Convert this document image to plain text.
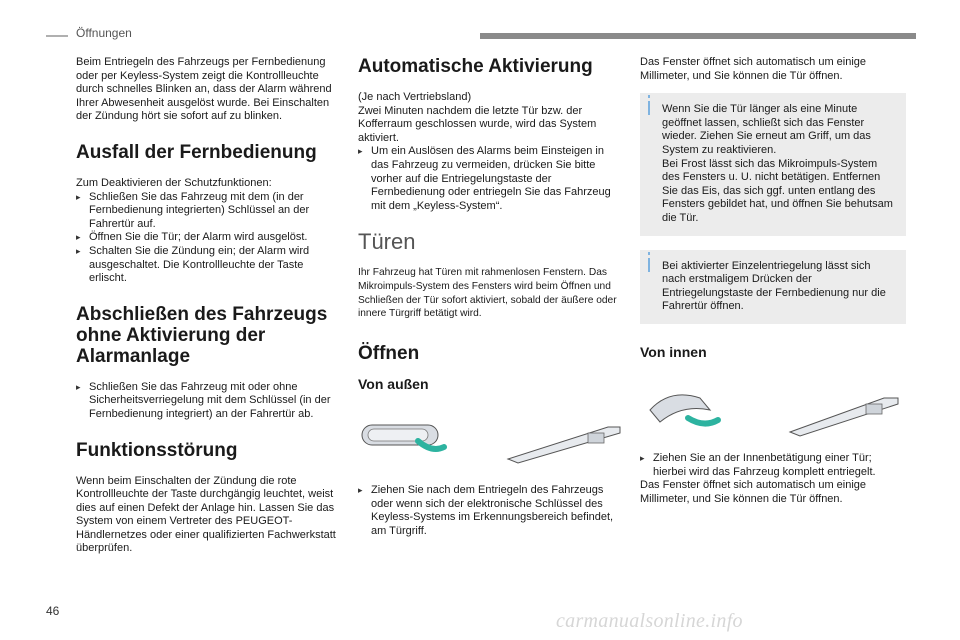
Öffnungen

Beim Entriegeln des Fahrzeugs per Fernbedienung oder per Keyless-System zeigt die Kontrollleuchte durch schnelles Blinken an, dass der Alarm während Ihrer Abwesenheit ausgelöst wurde. Bei Einschalten der Zündung hört sie sofort auf zu blinken.

Ausfall der Fernbedienung

Zum Deaktivieren der Schutzfunktionen:

▸ Schließen Sie das Fahrzeug mit dem (in der Fernbedienung integrierten) Schlüssel an der Fahrertür auf.
▸ Öffnen Sie die Tür; der Alarm wird ausgelöst.
▸ Schalten Sie die Zündung ein; der Alarm wird ausgeschaltet. Die Kontrollleuchte der Taste erlischt.
Abschließen des Fahrzeugs ohne Aktivierung der Alarmanlage
▸ Schließen Sie das Fahrzeug mit oder ohne Sicherheitsverriegelung mit dem Schlüssel (in der Fernbedienung integriert) an der Fahrertür ab.
Funktionsstörung

Wenn beim Einschalten der Zündung die rote Kontrollleuchte der Taste durchgängig leuchtet, weist dies auf einen Defekt der Anlage hin. Lassen Sie das System von einem Vertreter des PEUGEOT-Händlernetzes oder einer qualifizierten Fachwerkstatt überprüfen.

Automatische Aktivierung

(Je nach Vertriebsland)

Zwei Minuten nachdem die letzte Tür bzw. der Kofferraum geschlossen wurde, wird das System aktiviert.

▸ Um ein Auslösen des Alarms beim Einsteigen in das Fahrzeug zu vermeiden, drücken Sie bitte vorher auf die Entriegelungstaste der Fernbedienung oder entriegeln Sie das Fahrzeug mit dem „Keyless-System“.
Türen

Ihr Fahrzeug hat Türen mit rahmenlosen Fenstern. Das Mikroimpuls-System des Fensters wird beim Öffnen und Schließen der Tür sofort aktiviert, sobald der äußere oder innere Türgriff betätigt wird.

Öffnen
Von außen
▸ Ziehen Sie nach dem Entriegeln des Fahrzeugs oder wenn sich der elektronische Schlüssel des Keyless-Systems im Erkennungsbereich befindet, am Türgriff.

Das Fenster öffnet sich automatisch um einige Millimeter, und Sie können die Tür öffnen.

Wenn Sie die Tür länger als eine Minute geöffnet lassen, schließt sich das Fenster wieder. Ziehen Sie erneut am Griff, um das System zu reaktivieren.
Bei Frost lässt sich das Mikroimpuls-System des Fensters u. U. nicht betätigen. Entfernen Sie das Eis, das sich ggf. unten entlang des Fensters gebildet hat, und öffnen Sie behutsam die Tür.
Bei aktivierter Einzelentriegelung lässt sich nach erstmaligem Drücken der Entriegelungstaste der Fernbedienung nur die Fahrertür öffnen.
Von innen
▸ Ziehen Sie an der Innenbetätigung einer Tür; hierbei wird das Fahrzeug komplett entriegelt.

Das Fenster öffnet sich automatisch um einige Millimeter, und Sie können die Tür öffnen.

46	carmanualsonline.info
